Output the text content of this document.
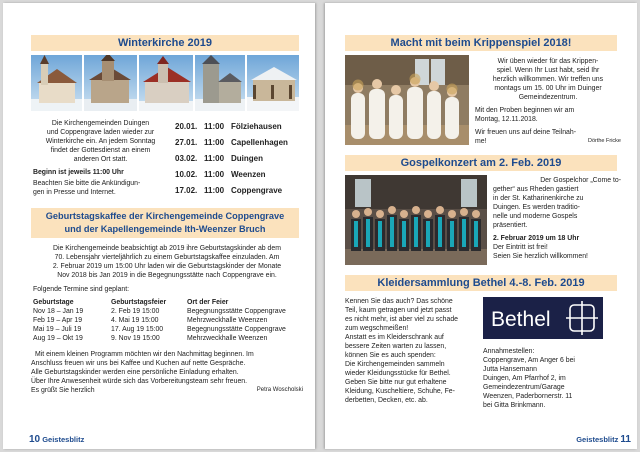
Winterkirche 2019
Die Kirchengemeinden Duingen
und Coppengrave laden wieder zur
Winterkirche ein. An jedem Sonntag
findet der Gottesdienst an einem
anderen Ort statt.
Beginn ist jeweils 11:00 Uhr
Beachten Sie bitte die Ankündigun-
gen in Presse und Internet.
20.01. 11:00 Fölziehausen
27.01. 11:00 Capellenhagen
03.02. 11:00 Duingen
10.02. 11:00 Weenzen
17.02. 11:00 Coppengrave
Geburtstagskaffee der Kirchengemeinde Coppengrave
und der Kapellengemeinde Ith-Weenzer Bruch
Die Kirchengemeinde beabsichtigt ab 2019 ihre Geburtstagskinder ab dem
70. Lebensjahr vierteljährlich zu einem Geburtstagskaffee einzuladen. Am
2. Februar 2019 um 15:00 Uhr laden wir die Geburtstagskinder der Monate
Nov 2018 bis Jan 2019 in die Begegnungsstätte nach Coppengrave ein.
Folgende Termine sind geplant:
Geburtstage	Geburtstagsfeier	Ort der Feier
Nov 18 – Jan 19	2. Feb 19 15:00	Begegnungsstätte Coppengrave
Feb 19 – Apr 19	4. Mai 19 15:00	Mehrzweckhalle Weenzen
Mai 19 – Juli 19	17. Aug 19 15:00	Begegnungsstätte Coppengrave
Aug 19 – Okt 19	9. Nov 19 15:00	Mehrzweckhalle Weenzen
Mit einem kleinen Programm möchten wir den Nachmittag beginnen. Im
Anschluss freuen wir uns bei Kaffee und Kuchen auf nette Gespräche.
Alle Geburtstagskinder werden eine persönliche Einladung erhalten.
Über Ihre Anwesenheit würde sich das Vorbereitungsteam sehr freuen.
Es grüßt Sie herzlich	Petra Woscholski
10 Geistesblitz
Macht mit beim Krippenspiel 2018!
Wir üben wieder für das Krippen-
spiel. Wenn Ihr Lust habt, seid Ihr
herzlich willkommen. Wir treffen uns
montags um 15. 00 Uhr im Duinger
Gemeindezentrum.
Mit den Proben beginnen wir am
Montag, 12.11.2018.
Wir freuen uns auf deine Teilnah-
me!	Dörthe Fricke
Gospelkonzert am 2. Feb. 2019
Der Gospelchor „Come to-
gether“ aus Rheden gastiert
in der St. Katharinenkirche zu
Duingen. Es werden traditio-
nelle und moderne Gospels
präsentiert.
2. Februar 2019 um 18 Uhr
Der Eintritt ist frei!
Seien Sie herzlich willkommen!
Kleidersammlung Bethel 4.-8. Feb. 2019
Kennen Sie das auch? Das schöne
Teil, kaum getragen und jetzt passt
es nicht mehr, ist aber viel zu schade
zum wegschmeißen!
Anstatt es im Kleiderschrank auf
bessere Zeiten warten zu lassen,
können Sie es auch spenden:
Die Kirchengemeinden sammeln
wieder Kleidungsstücke für Bethel.
Geben Sie bitte nur gut erhaltene
Kleidung, Kuscheltiere, Schuhe, Fe-
derbetten, Decken, etc. ab.
Bethel
Annahmestellen:
Coppengrave, Am Anger 6 bei
Jutta Hansemann
Duingen, Am Pfarrhof 2, im
Gemeindezentrum/Garage
Weenzen, Paderbornerstr. 11
bei Gitta Brinkmann.
Geistesblitz 11
